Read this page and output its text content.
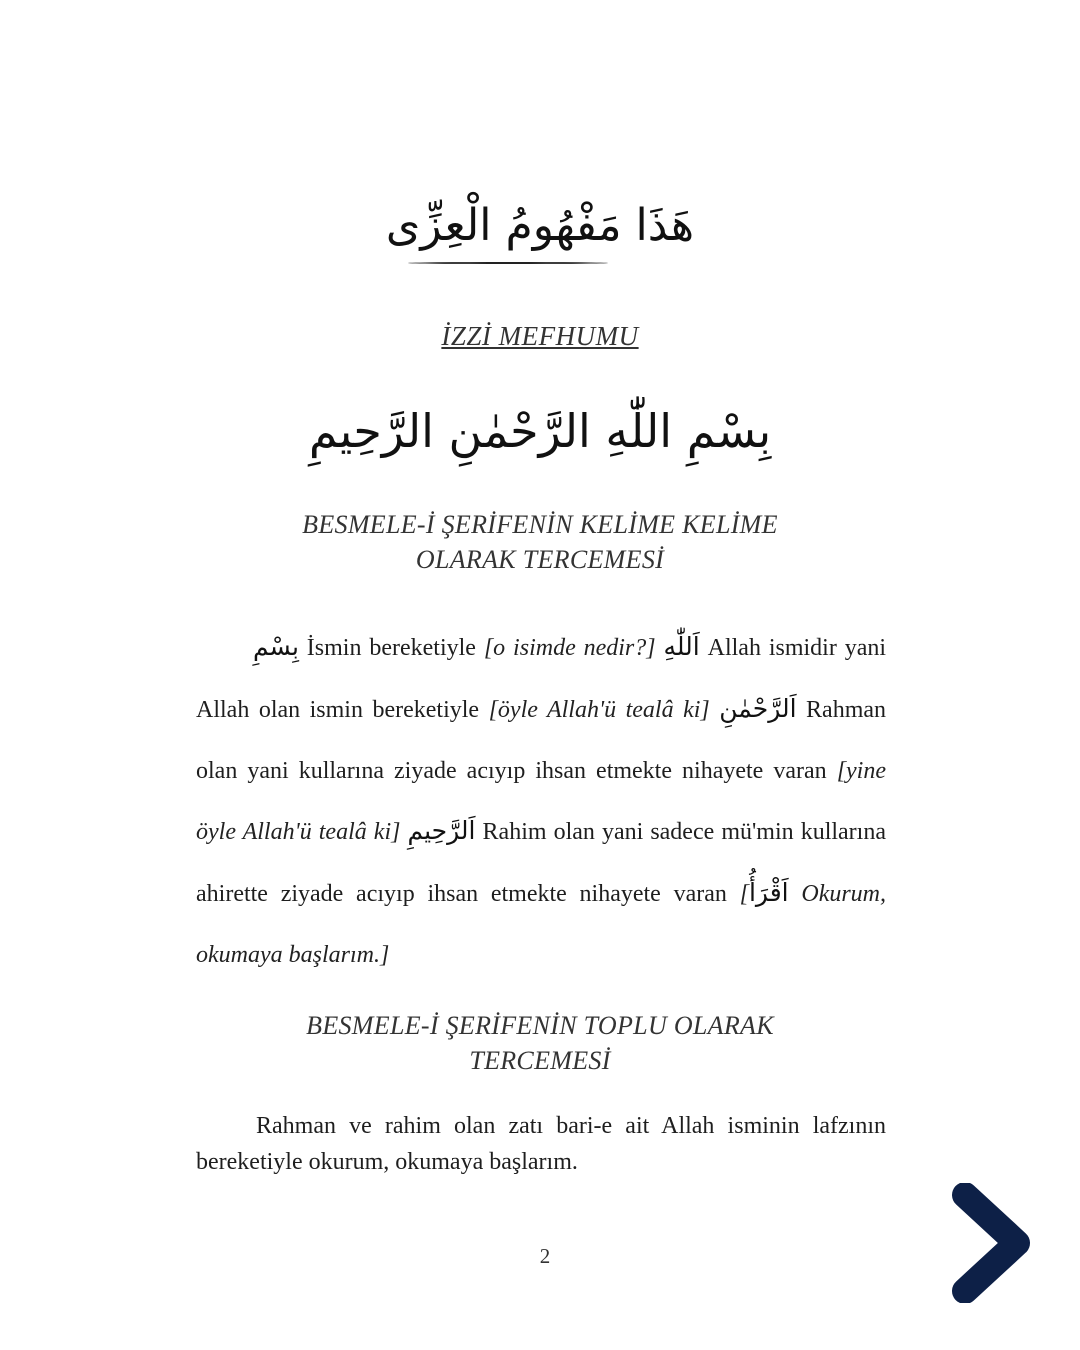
هَذَا مَفْهُومُ الْعِزِّى
İZZİ MEFHUMU
بِسْمِ اللّٰهِ الرَّحْمٰنِ الرَّحِيمِ
BESMELE-İ ŞERİFENİN KELİME KELİME
OLARAK TERCEMESİ

بِسْمِ İsmin bereketiyle [o isimde nedir?] اَللّٰهِ Allah ismidir yani Allah olan ismin bereketiyle [öyle Allah'ü tealâ ki] اَلرَّحْمٰنِ Rahman olan yani kullarına ziyade acıyıp ihsan etmekte nihayete varan [yine öyle Allah'ü tealâ ki] اَلرَّحِيمِ Rahim olan yani sadece mü'min kullarına ahirette ziyade acıyıp ihsan etmekte nihayete varan [اَقْرَأُ Okurum, okumaya başlarım.]

BESMELE-İ ŞERİFENİN TOPLU OLARAK
TERCEMESİ

Rahman ve rahim olan zatı bari-e ait Allah isminin lafzının bereketiyle okurum, okumaya başlarım.

2
